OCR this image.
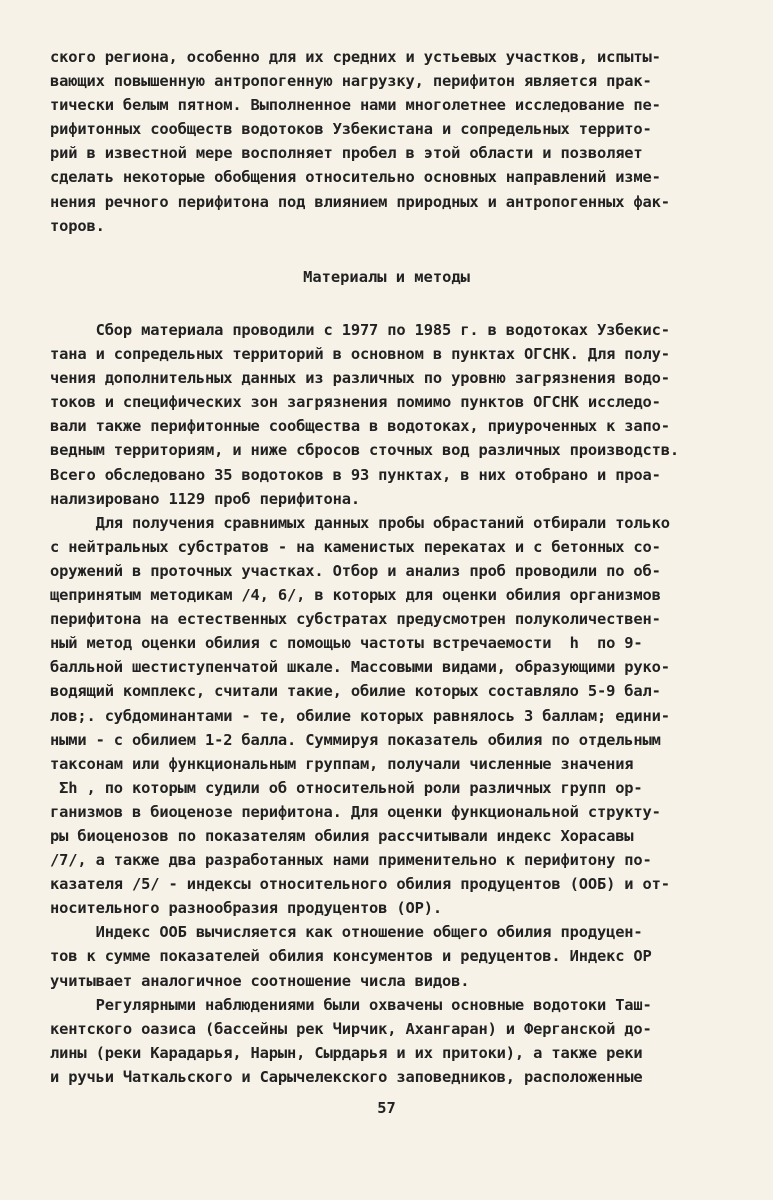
ского региона, особенно для их средних и устьевых участков, испыты-
вающих повышенную антропогенную нагрузку, перифитон является прак-
тически белым пятном. Выполненное нами многолетнее исследование пе-
рифитонных сообществ водотоков Узбекистана и сопредельных террито-
рий в известной мере восполняет пробел в этой области и позволяет
сделать некоторые обобщения относительно основных направлений изме-
нения речного перифитона под влиянием природных и антропогенных фак-
торов.
Материалы и методы
Сбор материала проводили с 1977 по 1985 г. в водотоках Узбекис-
тана и сопредельных территорий в основном в пунктах ОГСНК. Для полу-
чения дополнительных данных из различных по уровню загрязнения водо-
токов и специфических зон загрязнения помимо пунктов ОГСНК исследо-
вали также перифитонные сообщества в водотоках, приуроченных к запо-
ведным территориям, и ниже сбросов сточных вод различных производств.
Всего обследовано 35 водотоков в 93 пунктах, в них отобрано и проа-
нализировано 1129 проб перифитона.
Для получения сравнимых данных пробы обрастаний отбирали только
с нейтральных субстратов - на каменистых перекатах и с бетонных со-
оружений в проточных участках. Отбор и анализ проб проводили по об-
щепринятым методикам /4, 6/, в которых для оценки обилия организмов
перифитона на естественных субстратах предусмотрен полуколичествен-
ный метод оценки обилия с помощью частоты встречаемости  h  по 9-
балльной шестиступенчатой шкале. Массовыми видами, образующими руко-
водящий комплекс, считали такие, обилие которых составляло 5-9 бал-
лов;. субдоминантами - те, обилие которых равнялось 3 баллам; едини-
ными - с обилием 1-2 балла. Суммируя показатель обилия по отдельным
таксонам или функциональным группам, получали численные значения
Σh , по которым судили об относительной роли различных групп ор-
ганизмов в биоценозе перифитона. Для оценки функциональной структу-
ры биоценозов по показателям обилия рассчитывали индекс Хорасавы
/7/, а также два разработанных нами применительно к перифитону по-
казателя /5/ - индексы относительного обилия продуцентов (ООБ) и от-
носительного разнообразия продуцентов (ОР).
Индекс ООБ вычисляется как отношение общего обилия продуцен-
тов к сумме показателей обилия консументов и редуцентов. Индекс ОР
учитывает аналогичное соотношение числа видов.
Регулярными наблюдениями были охвачены основные водотоки Таш-
кентского оазиса (бассейны рек Чирчик, Ахангаран) и Ферганской до-
лины (реки Карадарья, Нарын, Сырдарья и их притоки), а также реки
и ручьи Чаткальского и Сарычелекского заповедников, расположенные
57
